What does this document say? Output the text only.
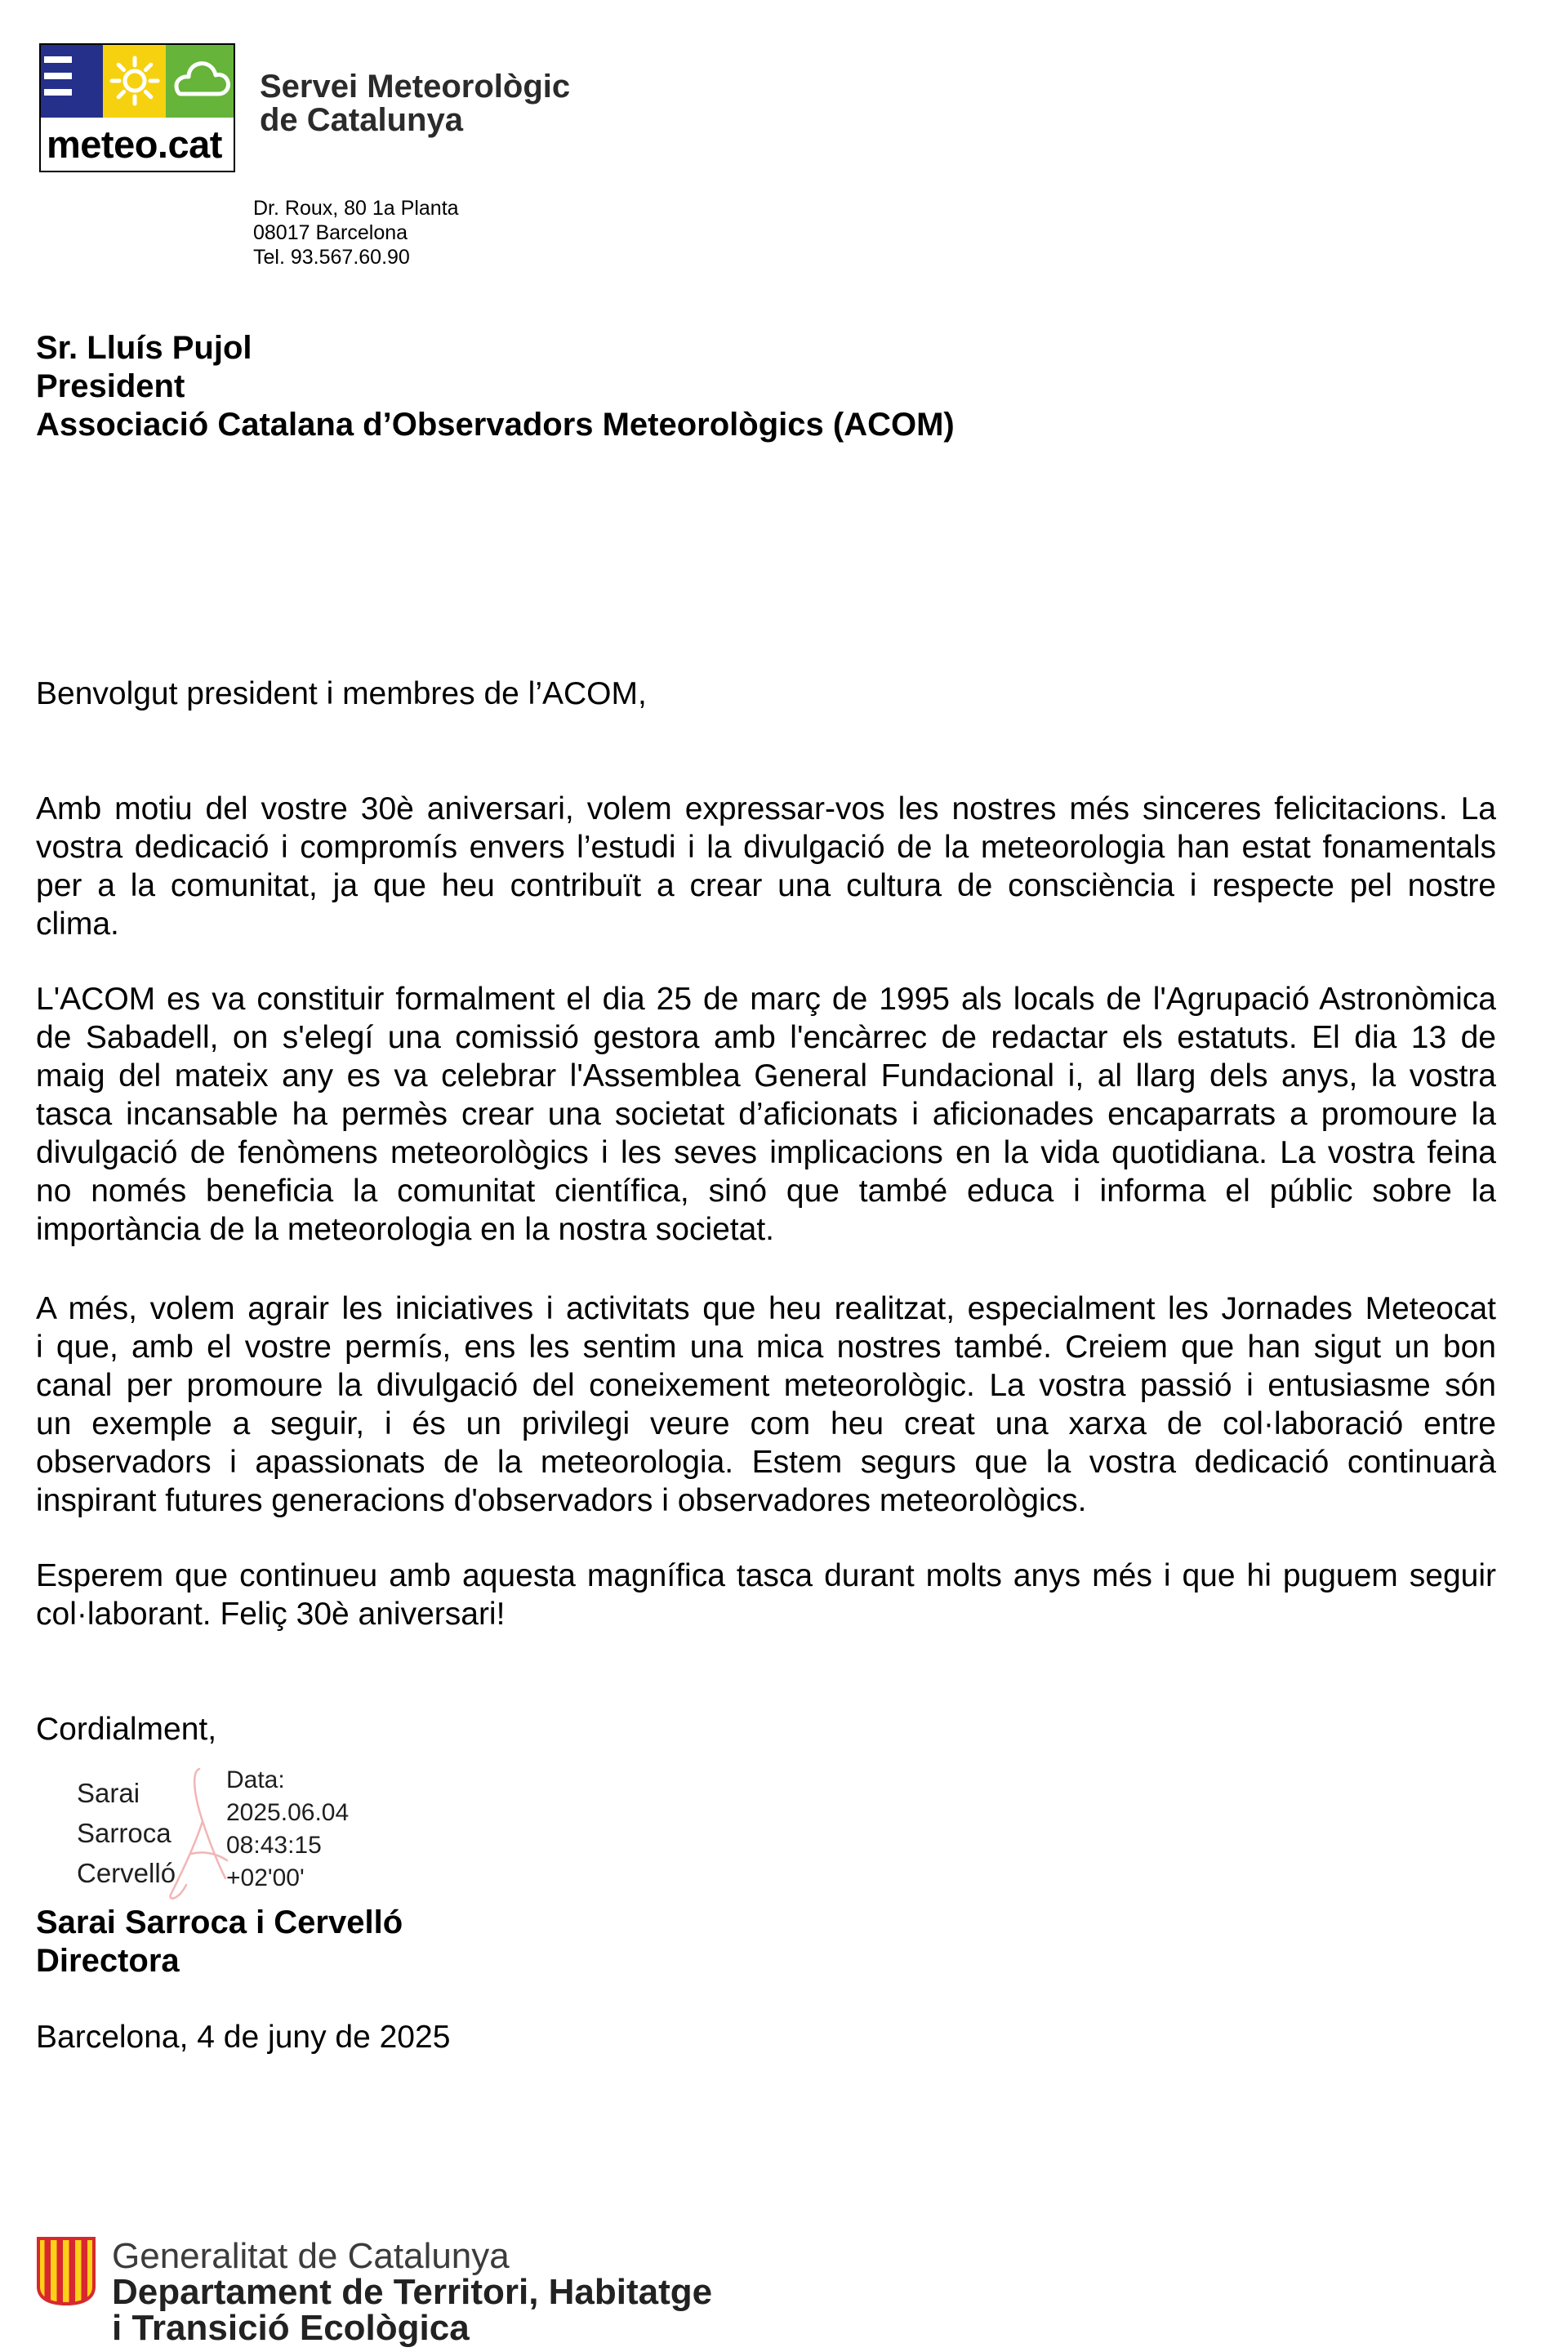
meteo.cat
Servei Meteorològic
de Catalunya
Dr. Roux, 80 1a Planta
08017 Barcelona
Tel. 93.567.60.90
Sr. Lluís Pujol
President
Associació Catalana d’Observadors Meteorològics (ACOM)
Benvolgut president i membres de l’ACOM,
Amb motiu del vostre 30è aniversari, volem expressar-vos les nostres més sinceres felicitacions. La
vostra dedicació i compromís envers l’estudi i la divulgació de la meteorologia han estat fonamentals
per a la comunitat, ja que heu contribuït a crear una cultura de consciència i respecte pel nostre
clima.
L'ACOM es va constituir formalment el dia 25 de març de 1995 als locals de l'Agrupació Astronòmica
de Sabadell, on s'elegí una comissió gestora amb l'encàrrec de redactar els estatuts. El dia 13 de
maig del mateix any es va celebrar l'Assemblea General Fundacional i, al llarg dels anys, la vostra
tasca incansable ha permès crear una societat d’aficionats i aficionades encaparrats a promoure la
divulgació de fenòmens meteorològics i les seves implicacions en la vida quotidiana. La vostra feina
no només beneficia la comunitat científica, sinó que també educa i informa el públic sobre la
importància de la meteorologia en la nostra societat.
A més, volem agrair les iniciatives i activitats que heu realitzat, especialment les Jornades Meteocat
i que, amb el vostre permís, ens les sentim una mica nostres també. Creiem que han sigut un bon
canal per promoure la divulgació del coneixement meteorològic. La vostra passió i entusiasme són
un exemple a seguir, i és un privilegi veure com heu creat una xarxa de col·laboració entre
observadors i apassionats de la meteorologia. Estem segurs que la vostra dedicació continuarà
inspirant futures generacions d'observadors i observadores meteorològics.
Esperem que continueu amb aquesta magnífica tasca durant molts anys més i que hi puguem seguir
col·laborant. Feliç 30è aniversari!
Cordialment,
Sarai
Sarroca
Cervelló
Data:
2025.06.04
08:43:15
+02'00'
Sarai Sarroca i Cervelló
Directora
Barcelona, 4 de juny de 2025
Generalitat de Catalunya
Departament de Territori, Habitatge
i Transició Ecològica
